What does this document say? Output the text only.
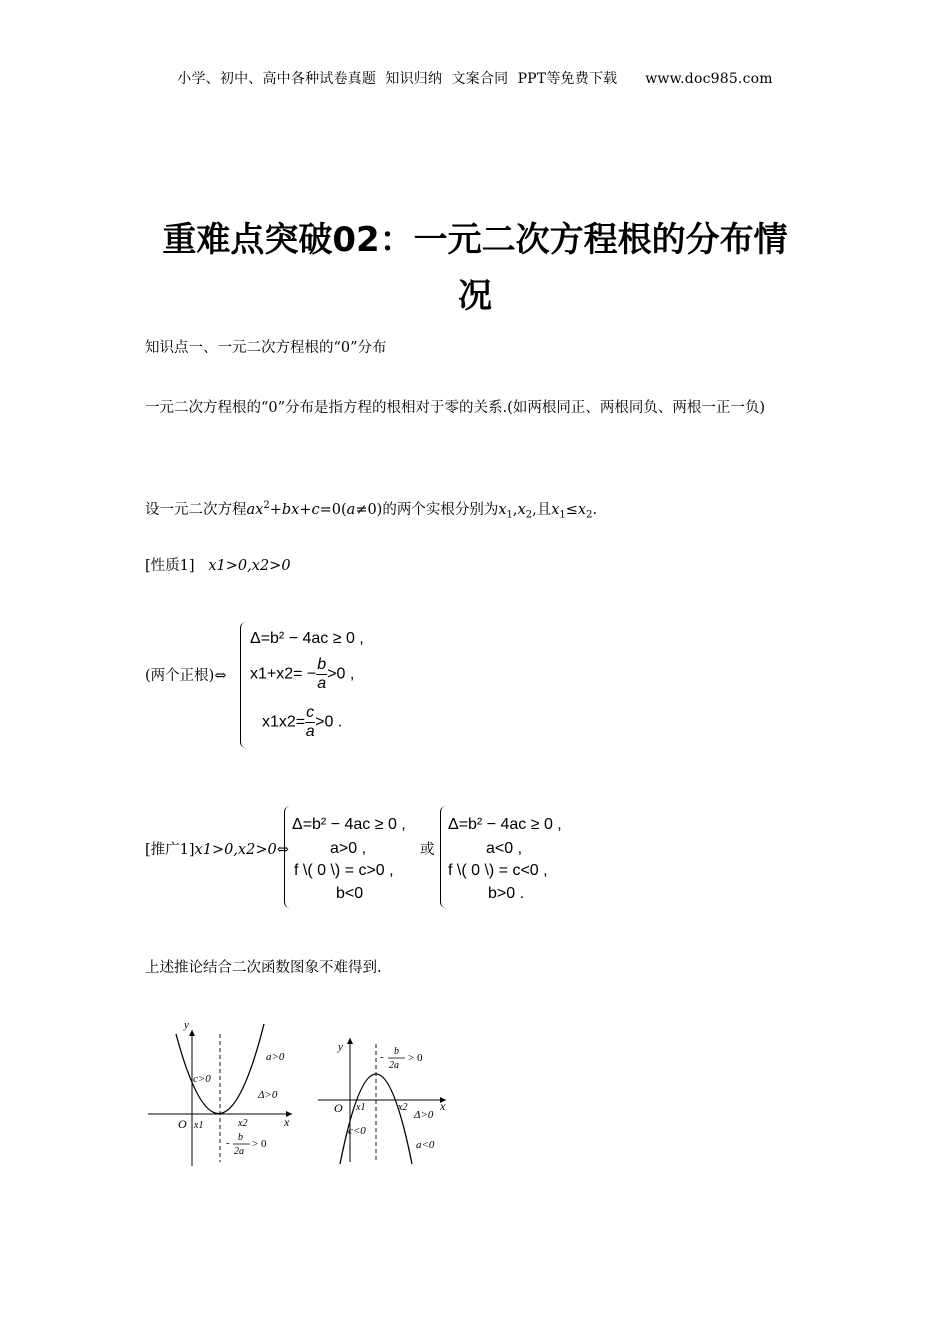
小学、初中、高中各种试卷真题  知识归纳  文案合同  PPT等免费下载      www.doc985.com
重难点突破02：一元二次方程根的分布情
况
知识点一、一元二次方程根的“0”分布
一元二次方程根的“0”分布是指方程的根相对于零的关系.(如两根同正、两根同负、两根一正一负)
设一元二次方程$ax^2+bx+c=0(a\ne 0)$的两个实根分别为$x_1,x_2$,且$x_1\le x_2$.
[性质1] x1>0,x2>0
(两个正根)⇔
Δ=b² − 4ac ≥ 0 ,
$x1+x2= - \frac{b}{a} >0$ ,
$x1x2= \frac{c}{a} >0$ .
[推广1]x1>0,x2>0⇔
Δ=b² − 4ac ≥ 0 ,
a>0 ,
f \( 0 \) = c>0 ,
b<0
或
Δ=b² − 4ac ≥ 0 ,
a<0 ,
f \( 0 \) = c<0 ,
b>0 .
上述推论结合二次函数图象不难得到.
y
x
O x1	x2
c>0
a>0
Δ>0
- b
2a
> 0
y
x
O x1	x2
c<0
a<0
Δ>0
- b
2a
> 0
